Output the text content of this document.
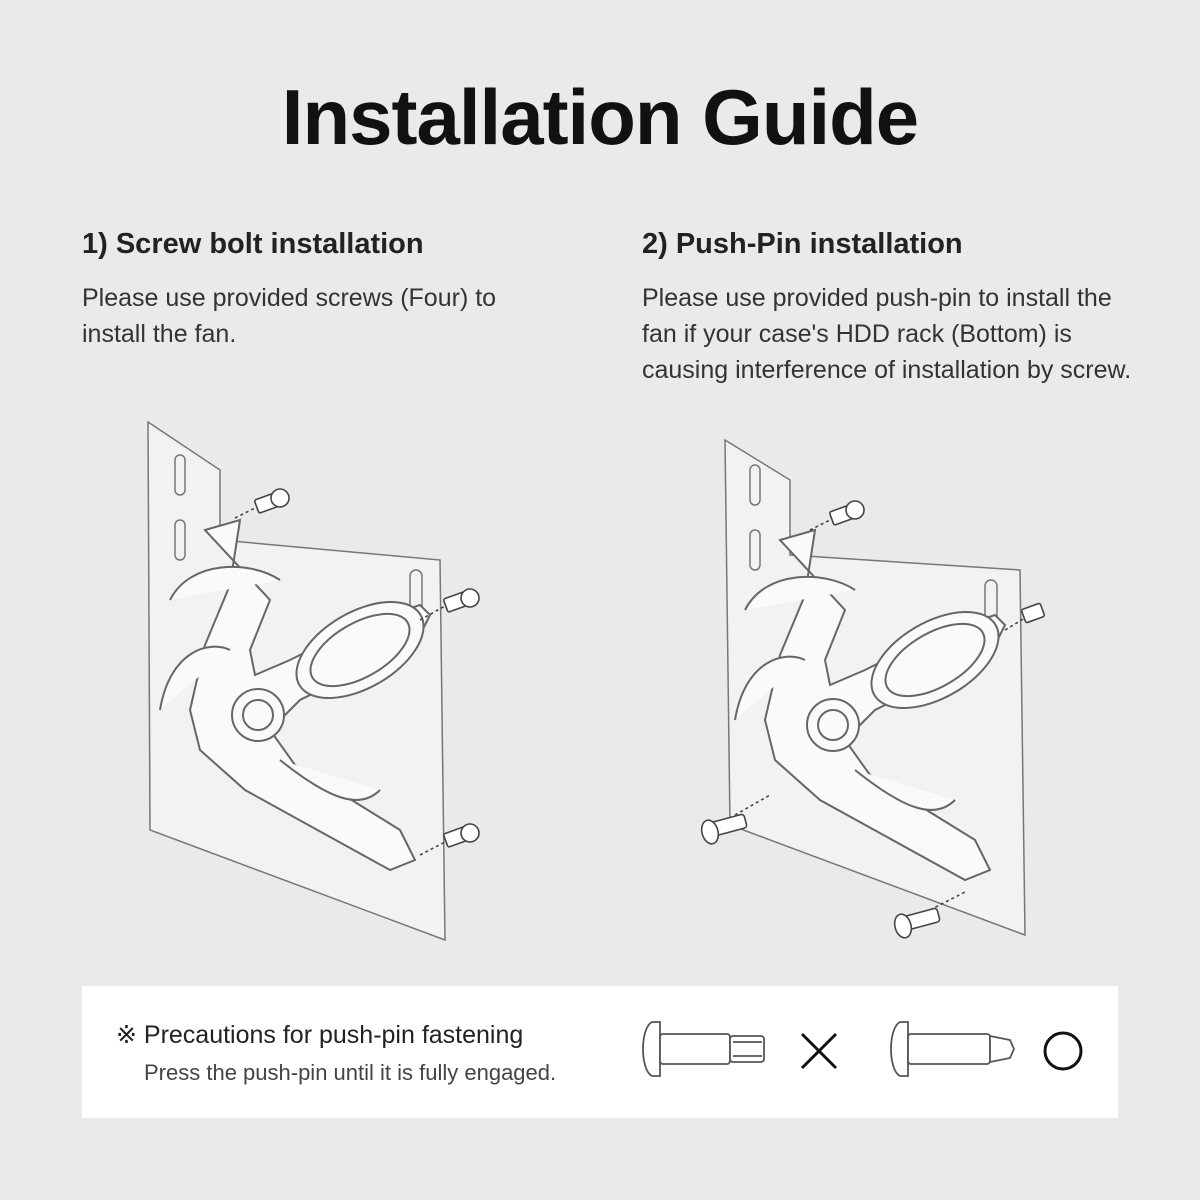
Installation Guide
1) Screw bolt installation
Please use provided screws (Four) to install the fan.
2) Push-Pin installation
Please use provided push-pin to install the fan if your case's HDD rack (Bottom) is causing interference of installation by screw.
※ Precautions for push-pin fastening
Press the push-pin until it is fully engaged.
